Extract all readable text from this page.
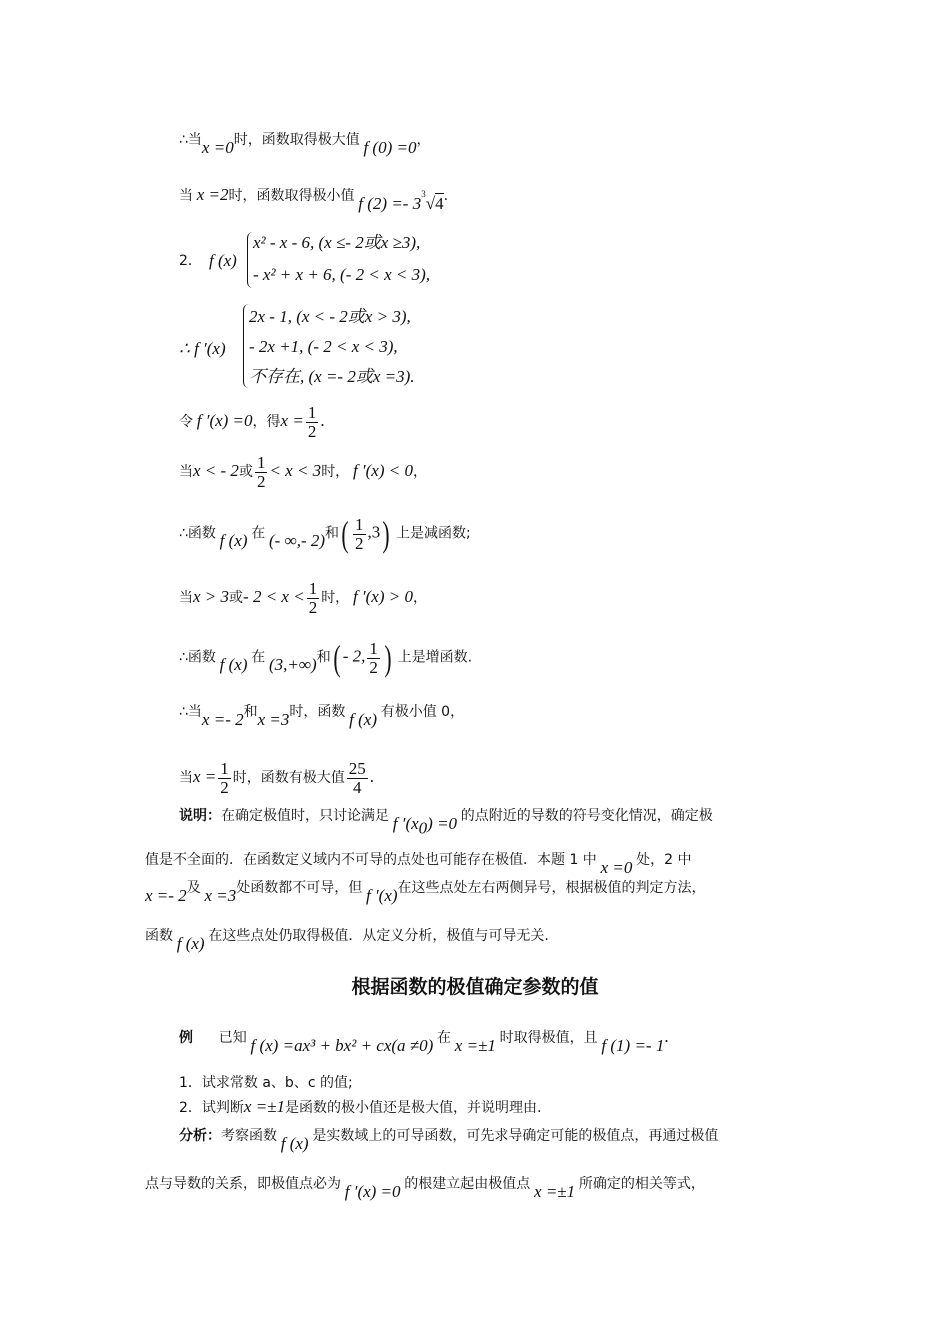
∴当x =0时，函数取得极大值 f (0) =0，
当 x =2时，函数取得极小值 f $(2) =- 3^3√4$.
2． f (x)
x² - x - 6, (x ≤- 2或x ≥3),
- x² + x + 6, (- 2 < x < 3),
∴ f ′(x)
2x - 1, (x < - 2或x > 3),
- 2x +1, (- 2 < x < 3),
不存在, (x =- 2或x =3).
令 f ′(x) =0，得$x = \frac{1}{2}$ .
当x < - 2或 $\frac{1}{2} < x < 3$时， f ′(x) < 0，
∴函数 f (x) 在 (- ∞,- 2)和( $\frac{1}{2} ,3$) 上是减函数;
当x > 3或- $2 < x < \frac{1}{2}$ 时， f ′(x) > 0，
∴函数 f (x) 在 (3,+∞)和( - 2, $\frac{1}{2}$ ) 上是增函数.
∴当x =- 2和x =3时，函数 f (x) 有极小值 0，
当$x = \frac{1}{2}$ 时，函数有极大值 $\frac{25}{4}$ .
说明：在确定极值时，只讨论满足 f $'(x_0) =0$ 的点附近的导数的符号变化情况，确定极
值是不全面的．在函数定义域内不可导的点处也可能存在极值．本题 1 中 x =0 处，2 中
x =- 2及 x =3处函数都不可导，但 f ′(x)在这些点处左右两侧异号，根据极值的判定方法，
函数 f (x) 在这些点处仍取得极值．从定义分析，极值与可导无关.
根据函数的极值确定参数的值
例 已知 f (x) =ax³ + bx² + cx(a ≠0) 在 x =±1 时取得极值，且 f (1) =- 1.
1．试求常数 a、b、c 的值;
2．试判断x =±1是函数的极小值还是极大值，并说明理由.
分析：考察函数 f (x) 是实数域上的可导函数，可先求导确定可能的极值点，再通过极值
点与导数的关系，即极值点必为 f ′(x) =0 的根建立起由极值点 x =±1 所确定的相关等式，
